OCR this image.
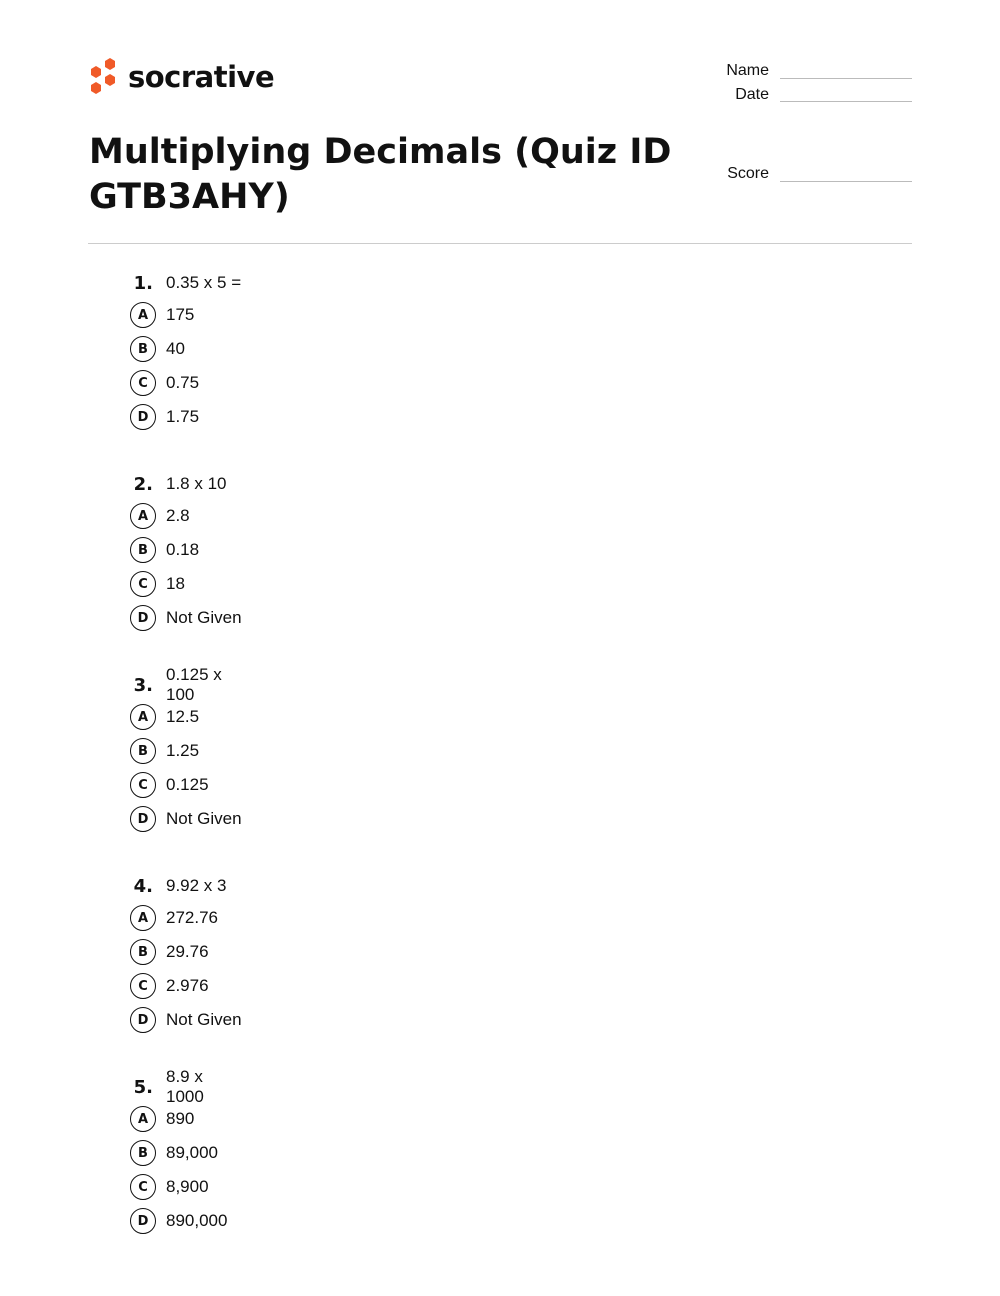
socrative
Multiplying Decimals (Quiz ID GTB3AHY)
Name
Date
Score
1. 0.35 x 5 =
A	175
B	40
C	0.75
D	1.75
2. 1.8 x 10
A	2.8
B	0.18
C	18
D	Not Given
3. 0.125 x 100
A	12.5
B	1.25
C	0.125
D	Not Given
4. 9.92 x 3
A	272.76
B	29.76
C	2.976
D	Not Given
5. 8.9 x 1000
A	890
B	89,000
C	8,900
D	890,000
